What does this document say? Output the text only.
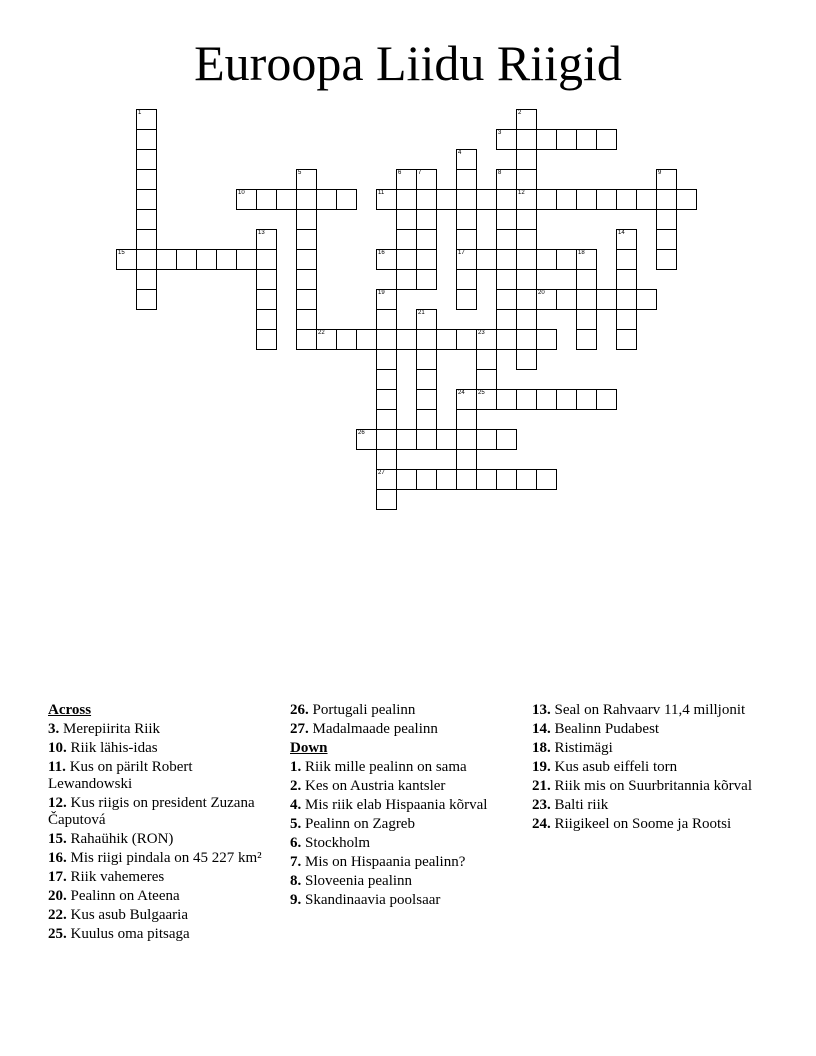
Euroopa Liidu Riigid
1	2
12
3
4
17
5	6	7	8	9
10	11
13	14
15	16	18
19
27
20
21
22	23
25
24
26
Across
3. Merepiirita Riik
10. Riik lähis-idas
11. Kus on pärilt Robert Lewandowski
12. Kus riigis on president Zuzana Čaputová
15. Rahaühik (RON)
16. Mis riigi pindala on 45 227 km²
17. Riik vahemeres
20. Pealinn on Ateena
22. Kus asub Bulgaaria
25. Kuulus oma pitsaga
26. Portugali pealinn
27. Madalmaade pealinn
Down
1. Riik mille pealinn on sama
2. Kes on Austria kantsler
4. Mis riik elab Hispaania kõrval
5. Pealinn on Zagreb
6. Stockholm
7. Mis on Hispaania pealinn?
8. Sloveenia pealinn
9. Skandinaavia poolsaar
13. Seal on Rahvaarv 11,4 milljonit
14. Bealinn Pudabest
18. Ristimägi
19. Kus asub eiffeli torn
21. Riik mis on Suurbritannia kõrval
23. Balti riik
24. Riigikeel on Soome ja Rootsi
